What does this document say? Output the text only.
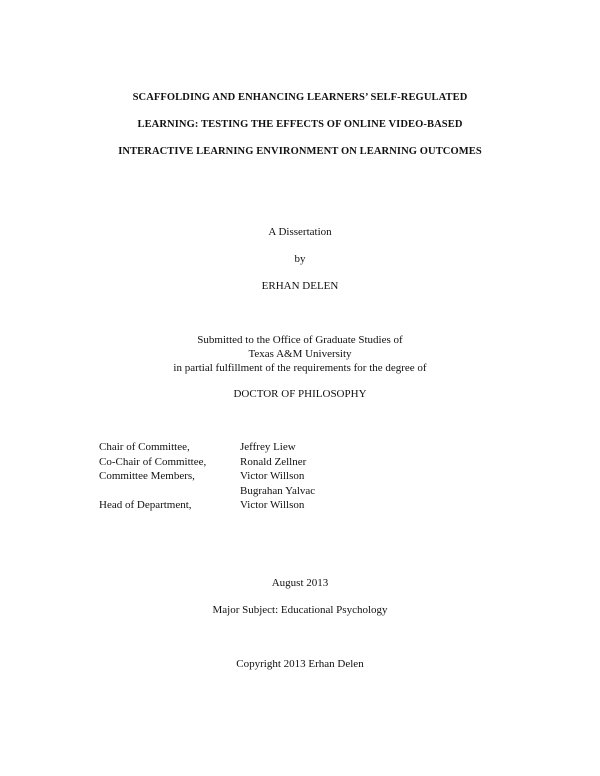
SCAFFOLDING AND ENHANCING LEARNERS’ SELF-REGULATED
LEARNING: TESTING THE EFFECTS OF ONLINE VIDEO-BASED
INTERACTIVE LEARNING ENVIRONMENT ON LEARNING OUTCOMES
A Dissertation
by
ERHAN DELEN
Submitted to the Office of Graduate Studies of
Texas A&M University
in partial fulfillment of the requirements for the degree of
DOCTOR OF PHILOSOPHY
Chair of Committee,	Jeffrey Liew
Co-Chair of Committee,	Ronald Zellner
Committee Members,	Victor Willson
Bugrahan Yalvac
Head of Department,	Victor Willson
August 2013
Major Subject: Educational Psychology
Copyright 2013 Erhan Delen
